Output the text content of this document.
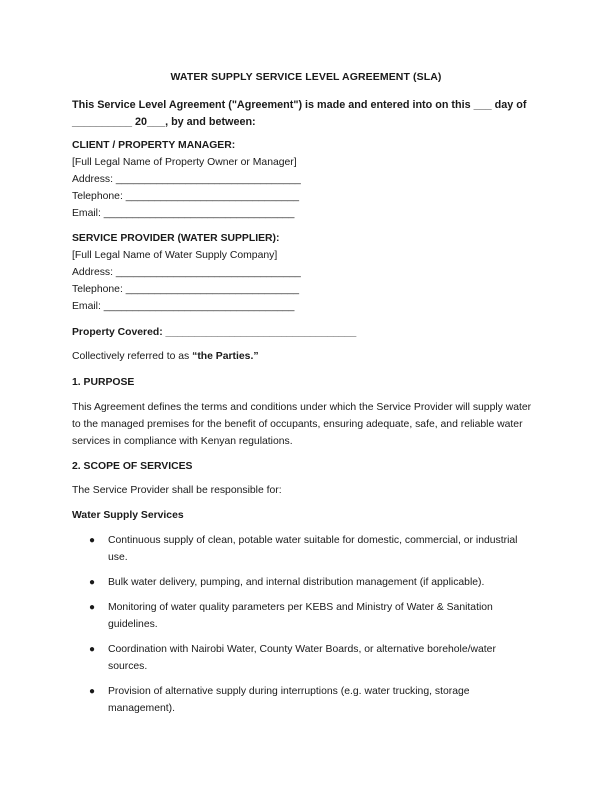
WATER SUPPLY SERVICE LEVEL AGREEMENT (SLA)
This Service Level Agreement ("Agreement") is made and entered into on this ___ day of
__________ 20___, by and between:
CLIENT / PROPERTY MANAGER:
[Full Legal Name of Property Owner or Manager]
Address: ________________________________
Telephone: ______________________________
Email: _________________________________
SERVICE PROVIDER (WATER SUPPLIER):
[Full Legal Name of Water Supply Company]
Address: ________________________________
Telephone: ______________________________
Email: _________________________________
Property Covered: _________________________________
Collectively referred to as “the Parties.”
1. PURPOSE
This Agreement defines the terms and conditions under which the Service Provider will supply water to the managed premises for the benefit of occupants, ensuring adequate, safe, and reliable water services in compliance with Kenyan regulations.
2. SCOPE OF SERVICES
The Service Provider shall be responsible for:
Water Supply Services
● Continuous supply of clean, potable water suitable for domestic, commercial, or industrial use.
● Bulk water delivery, pumping, and internal distribution management (if applicable).
● Monitoring of water quality parameters per KEBS and Ministry of Water & Sanitation guidelines.
● Coordination with Nairobi Water, County Water Boards, or alternative borehole/water sources.
● Provision of alternative supply during interruptions (e.g. water trucking, storage management).
